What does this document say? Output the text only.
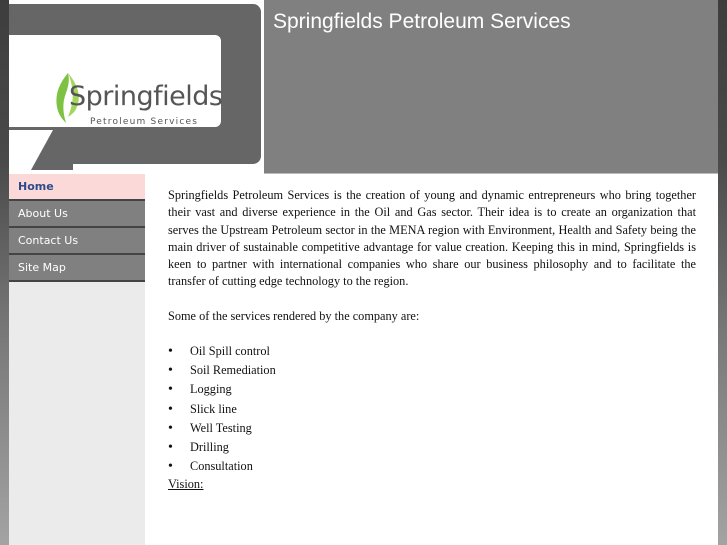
Springfields
Petroleum Services
Springfields Petroleum Services
Home
About Us
Contact Us
Site Map

Springfields Petroleum Services is the creation of young and dynamic entrepreneurs who bring together their vast and diverse experience in the Oil and Gas sector. Their idea is to create an organization that serves the Upstream Petroleum sector in the MENA region with Environment, Health and Safety being the main driver of sustainable competitive advantage for value creation. Keeping this in mind, Springfields is keen to partner with international companies who share our business philosophy and to facilitate the transfer of cutting edge technology to the region.

Some of the services rendered by the company are:

• Oil Spill control
• Soil Remediation
• Logging
• Slick line
• Well Testing
• Drilling
• Consultation

Vision:
